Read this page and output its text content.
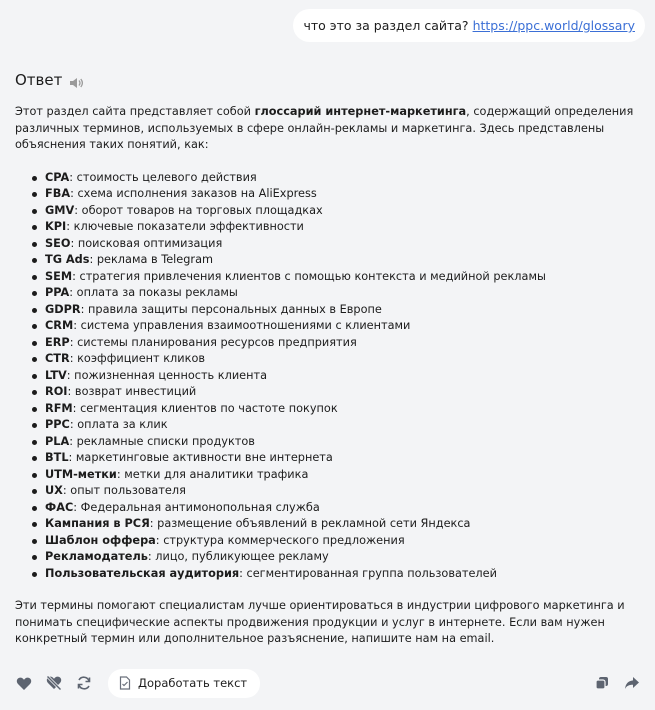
что это за раздел сайта? https://ppc.world/glossary
Ответ

Этот раздел сайта представляет собой глоссарий интернет-маркетинга, содержащий определения различных терминов, используемых в сфере онлайн-рекламы и маркетинга. Здесь представлены объяснения таких понятий, как:

CPA: стоимость целевого действия
FBA: схема исполнения заказов на AliExpress
GMV: оборот товаров на торговых площадках
KPI: ключевые показатели эффективности
SEO: поисковая оптимизация
TG Ads: реклама в Telegram
SEM: стратегия привлечения клиентов с помощью контекста и медийной рекламы
PPA: оплата за показы рекламы
GDPR: правила защиты персональных данных в Европе
CRM: система управления взаимоотношениями с клиентами
ERP: системы планирования ресурсов предприятия
CTR: коэффициент кликов
LTV: пожизненная ценность клиента
ROI: возврат инвестиций
RFM: сегментация клиентов по частоте покупок
PPC: оплата за клик
PLA: рекламные списки продуктов
BTL: маркетинговые активности вне интернета
UTM-метки: метки для аналитики трафика
UX: опыт пользователя
ФАС: Федеральная антимонопольная служба
Кампания в РСЯ: размещение объявлений в рекламной сети Яндекса
Шаблон оффера: структура коммерческого предложения
Рекламодатель: лицо, публикующее рекламу
Пользовательская аудитория: сегментированная группа пользователей

Эти термины помогают специалистам лучше ориентироваться в индустрии цифрового маркетинга и понимать специфические аспекты продвижения продукции и услуг в интернете. Если вам нужен конкретный термин или дополнительное разъяснение, напишите нам на email.

Доработать текст
